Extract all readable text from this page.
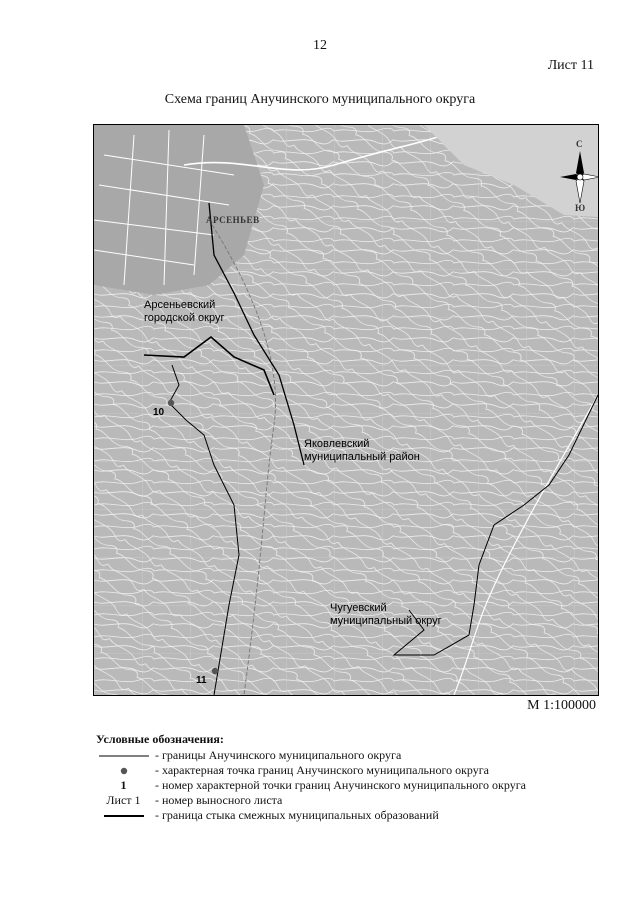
12
Лист 11
Схема границ Анучинского муниципального округа
С
Ю
АРСЕНЬЕВ
Арсеньевский
городской округ
Яковлевский
муниципальный район
Чугуевский
муниципальный округ
10
11
М 1:100000
Условные обозначения:
- границы Анучинского муниципального округа
- характерная точка границ Анучинского муниципального округа
1	- номер характерной точки границ Анучинского муниципального округа
Лист 1	- номер выносного листа
- граница стыка смежных муниципальных образований
